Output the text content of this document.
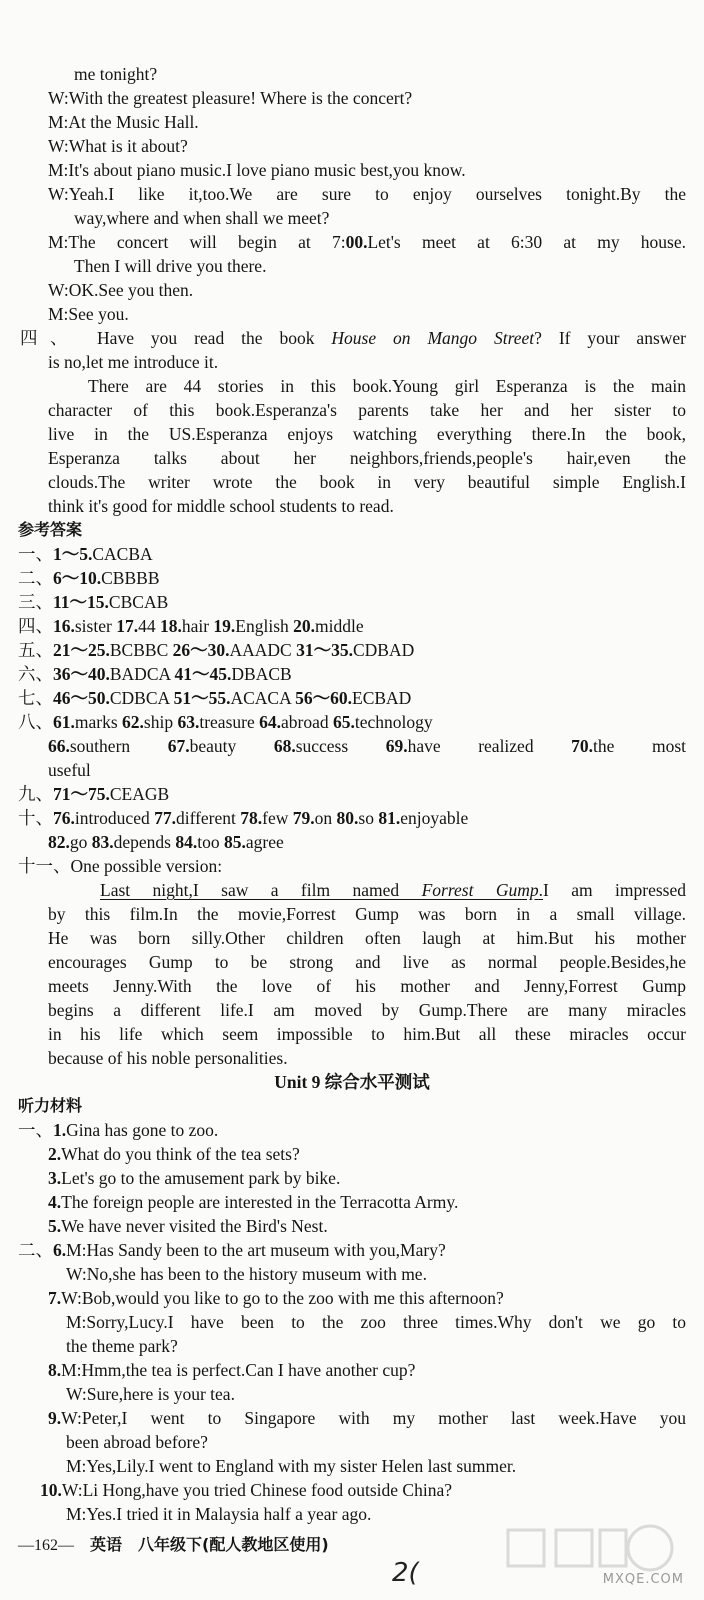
me tonight?
W:With the greatest pleasure! Where is the concert?
M:At the Music Hall.
W:What is it about?
M:It's about piano music.I love piano music best,you know.
W:Yeah.I like it,too.We are sure to enjoy ourselves tonight.By the
way,where and when shall we meet?
M:The concert will begin at 7:00.Let's meet at 6:30 at my house.
Then I will drive you there.
W:OK.See you then.
M:See you.
四、 Have you read the book House on Mango Street? If your answer
is no,let me introduce it.
There are 44 stories in this book.Young girl Esperanza is the main
character of this book.Esperanza's parents take her and her sister to
live in the US.Esperanza enjoys watching everything there.In the book,
Esperanza talks about her neighbors,friends,people's hair,even the
clouds.The writer wrote the book in very beautiful simple English.I
think it's good for middle school students to read.
参考答案
一、1～5.CACBA
二、6～10.CBBBB
三、11～15.CBCAB
四、16.sister 17.44 18.hair 19.English 20.middle
五、21～25.BCBBC 26～30.AAADC 31～35.CDBAD
六、36～40.BADCA 41～45.DBACB
七、46～50.CDBCA 51～55.ACACA 56～60.ECBAD
八、61.marks 62.ship 63.treasure 64.abroad 65.technology
66.southern 67.beauty 68.success 69.have realized 70.the most
useful
九、71～75.CEAGB
十、76.introduced 77.different 78.few 79.on 80.so 81.enjoyable
82.go 83.depends 84.too 85.agree
十一、One possible version:
Last night,I saw a film named Forrest Gump.I am impressed
by this film.In the movie,Forrest Gump was born in a small village.
He was born silly.Other children often laugh at him.But his mother
encourages Gump to be strong and live as normal people.Besides,he
meets Jenny.With the love of his mother and Jenny,Forrest Gump
begins a different life.I am moved by Gump.There are many miracles
in his life which seem impossible to him.But all these miracles occur
because of his noble personalities.
Unit 9 综合水平测试
听力材料
一、1.Gina has gone to zoo.
2.What do you think of the tea sets?
3.Let's go to the amusement park by bike.
4.The foreign people are interested in the Terracotta Army.
5.We have never visited the Bird's Nest.
二、6.M:Has Sandy been to the art museum with you,Mary?
W:No,she has been to the history museum with me.
7.W:Bob,would you like to go to the zoo with me this afternoon?
M:Sorry,Lucy.I have been to the zoo three times.Why don't we go to
the theme park?
8.M:Hmm,the tea is perfect.Can I have another cup?
W:Sure,here is your tea.
9.W:Peter,I went to Singapore with my mother last week.Have you
been abroad before?
M:Yes,Lily.I went to England with my sister Helen last summer.
10.W:Li Hong,have you tried Chinese food outside China?
M:Yes.I tried it in Malaysia half a year ago.
—162— 英语 八年级下(配人教地区使用)
2(	MXQE.COM
